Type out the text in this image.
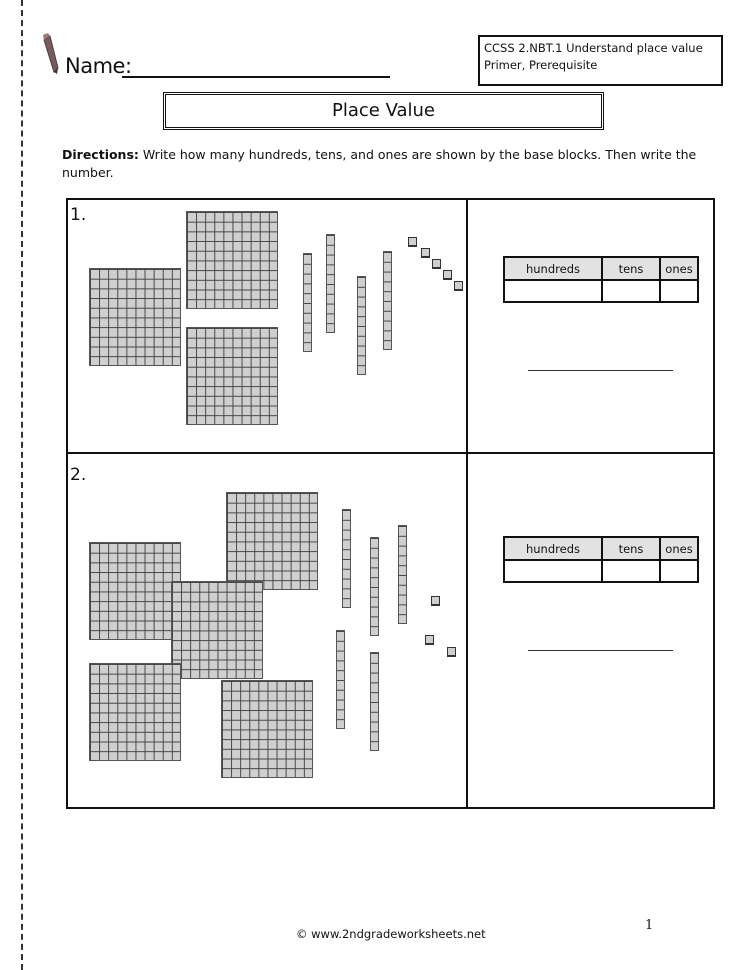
Name:
CCSS 2.NBT.1 Understand place value
Primer, Prerequisite
Place Value
Directions: Write how many hundreds, tens, and ones are shown by the base blocks. Then write the number.
1.
2.
hundreds	tens	ones

hundreds	tens	ones

© www.2ndgradeworksheets.net
1
